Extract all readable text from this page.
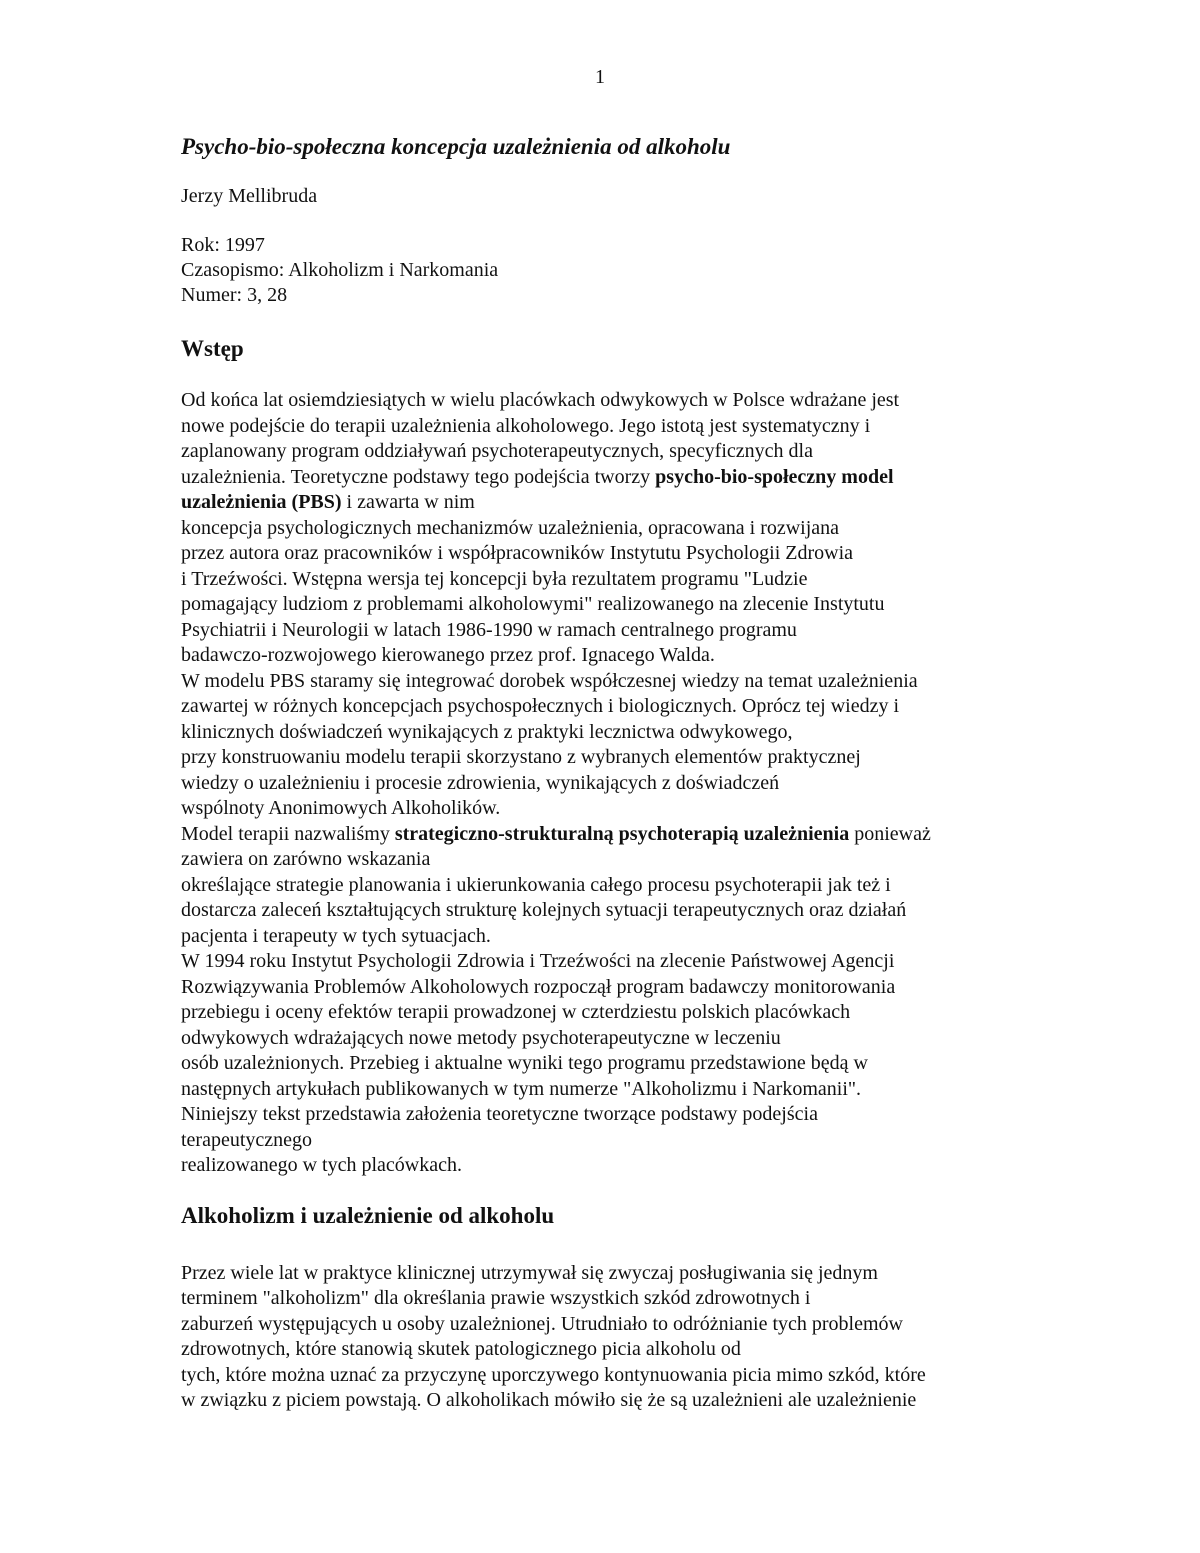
1
Psycho-bio-społeczna koncepcja uzależnienia od alkoholu

Jerzy Mellibruda

Rok: 1997
Czasopismo: Alkoholizm i Narkomania
Numer: 3, 28

Wstęp

Od końca lat osiemdziesiątych w wielu placówkach odwykowych w Polsce wdrażane jest
nowe podejście do terapii uzależnienia alkoholowego. Jego istotą jest systematyczny i
zaplanowany program oddziaływań psychoterapeutycznych, specyficznych dla
uzależnienia. Teoretyczne podstawy tego podejścia tworzy psycho-bio-społeczny model
uzależnienia (PBS) i zawarta w nim
koncepcja psychologicznych mechanizmów uzależnienia, opracowana i rozwijana
przez autora oraz pracowników i współpracowników Instytutu Psychologii Zdrowia
i Trzeźwości. Wstępna wersja tej koncepcji była rezultatem programu "Ludzie
pomagający ludziom z problemami alkoholowymi" realizowanego na zlecenie Instytutu
Psychiatrii i Neurologii w latach 1986-1990 w ramach centralnego programu
badawczo-rozwojowego kierowanego przez prof. Ignacego Walda.
W modelu PBS staramy się integrować dorobek współczesnej wiedzy na temat uzależnienia
zawartej w różnych koncepcjach psychospołecznych i biologicznych. Oprócz tej wiedzy i
klinicznych doświadczeń wynikających z praktyki lecznictwa odwykowego,
przy konstruowaniu modelu terapii skorzystano z wybranych elementów praktycznej
wiedzy o uzależnieniu i procesie zdrowienia, wynikających z doświadczeń
wspólnoty Anonimowych Alkoholików.
Model terapii nazwaliśmy strategiczno-strukturalną psychoterapią uzależnienia ponieważ
zawiera on zarówno wskazania
określające strategie planowania i ukierunkowania całego procesu psychoterapii jak też i
dostarcza zaleceń kształtujących strukturę kolejnych sytuacji terapeutycznych oraz działań
pacjenta i terapeuty w tych sytuacjach.
W 1994 roku Instytut Psychologii Zdrowia i Trzeźwości na zlecenie Państwowej Agencji
Rozwiązywania Problemów Alkoholowych rozpoczął program badawczy monitorowania
przebiegu i oceny efektów terapii prowadzonej w czterdziestu polskich placówkach
odwykowych wdrażających nowe metody psychoterapeutyczne w leczeniu
osób uzależnionych. Przebieg i aktualne wyniki tego programu przedstawione będą w
następnych artykułach publikowanych w tym numerze "Alkoholizmu i Narkomanii".
Niniejszy tekst przedstawia założenia teoretyczne tworzące podstawy podejścia
terapeutycznego
realizowanego w tych placówkach.

Alkoholizm i uzależnienie od alkoholu

Przez wiele lat w praktyce klinicznej utrzymywał się zwyczaj posługiwania się jednym
terminem "alkoholizm" dla określania prawie wszystkich szkód zdrowotnych i
zaburzeń występujących u osoby uzależnionej. Utrudniało to odróżnianie tych problemów
zdrowotnych, które stanowią skutek patologicznego picia alkoholu od
tych, które można uznać za przyczynę uporczywego kontynuowania picia mimo szkód, które
w związku z piciem powstają. O alkoholikach mówiło się że są uzależnieni ale uzależnienie
